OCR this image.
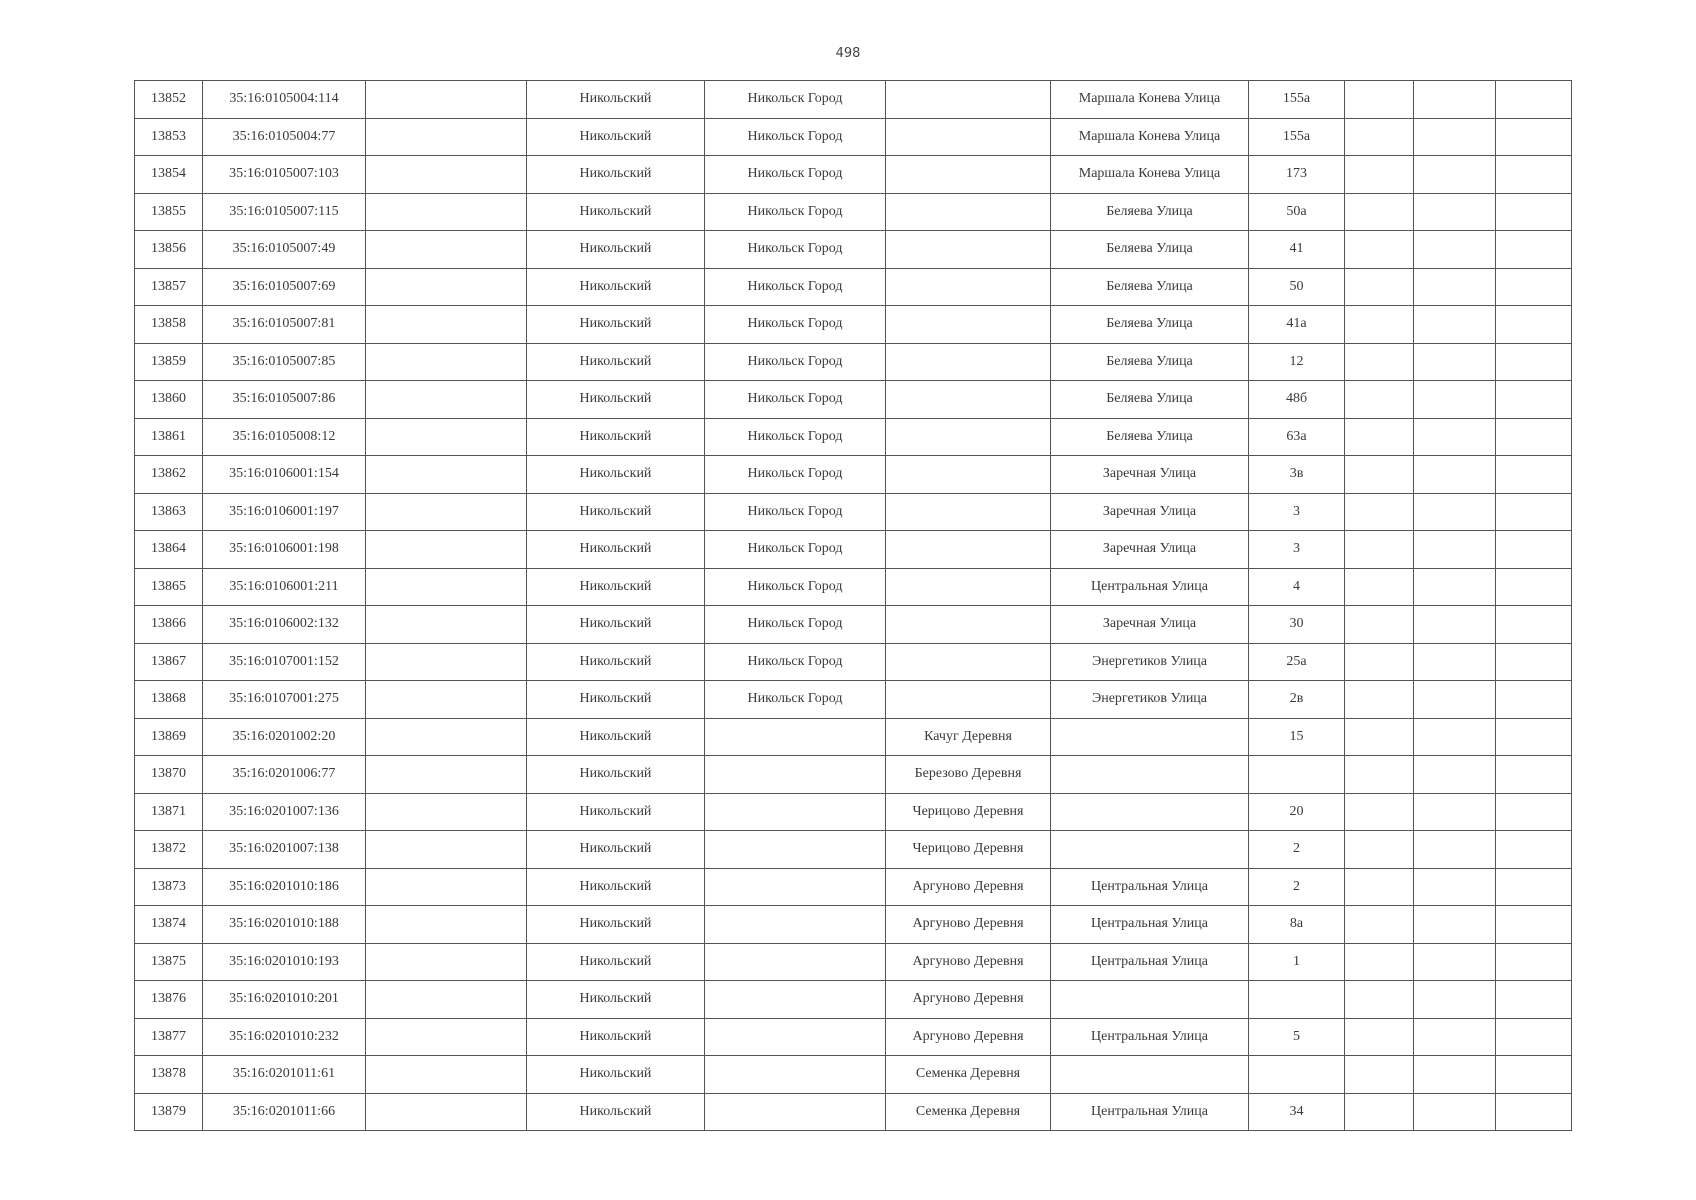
498
13852	35:16:0105004:114		Никольский	Никольск Город		Маршала Конева Улица	155а			
13853	35:16:0105004:77		Никольский	Никольск Город		Маршала Конева Улица	155а			
13854	35:16:0105007:103		Никольский	Никольск Город		Маршала Конева Улица	173			
13855	35:16:0105007:115		Никольский	Никольск Город		Беляева Улица	50а			
13856	35:16:0105007:49		Никольский	Никольск Город		Беляева Улица	41			
13857	35:16:0105007:69		Никольский	Никольск Город		Беляева Улица	50			
13858	35:16:0105007:81		Никольский	Никольск Город		Беляева Улица	41а			
13859	35:16:0105007:85		Никольский	Никольск Город		Беляева Улица	12			
13860	35:16:0105007:86		Никольский	Никольск Город		Беляева Улица	48б			
13861	35:16:0105008:12		Никольский	Никольск Город		Беляева Улица	63а			
13862	35:16:0106001:154		Никольский	Никольск Город		Заречная Улица	3в			
13863	35:16:0106001:197		Никольский	Никольск Город		Заречная Улица	3			
13864	35:16:0106001:198		Никольский	Никольск Город		Заречная Улица	3			
13865	35:16:0106001:211		Никольский	Никольск Город		Центральная Улица	4			
13866	35:16:0106002:132		Никольский	Никольск Город		Заречная Улица	30			
13867	35:16:0107001:152		Никольский	Никольск Город		Энергетиков Улица	25а			
13868	35:16:0107001:275		Никольский	Никольск Город		Энергетиков Улица	2в			
13869	35:16:0201002:20		Никольский		Качуг Деревня		15			
13870	35:16:0201006:77		Никольский		Березово Деревня					
13871	35:16:0201007:136		Никольский		Черицово Деревня		20			
13872	35:16:0201007:138		Никольский		Черицово Деревня		2			
13873	35:16:0201010:186		Никольский		Аргуново Деревня	Центральная Улица	2			
13874	35:16:0201010:188		Никольский		Аргуново Деревня	Центральная Улица	8а			
13875	35:16:0201010:193		Никольский		Аргуново Деревня	Центральная Улица	1			
13876	35:16:0201010:201		Никольский		Аргуново Деревня					
13877	35:16:0201010:232		Никольский		Аргуново Деревня	Центральная Улица	5			
13878	35:16:0201011:61		Никольский		Семенка Деревня					
13879	35:16:0201011:66		Никольский		Семенка Деревня	Центральная Улица	34			
